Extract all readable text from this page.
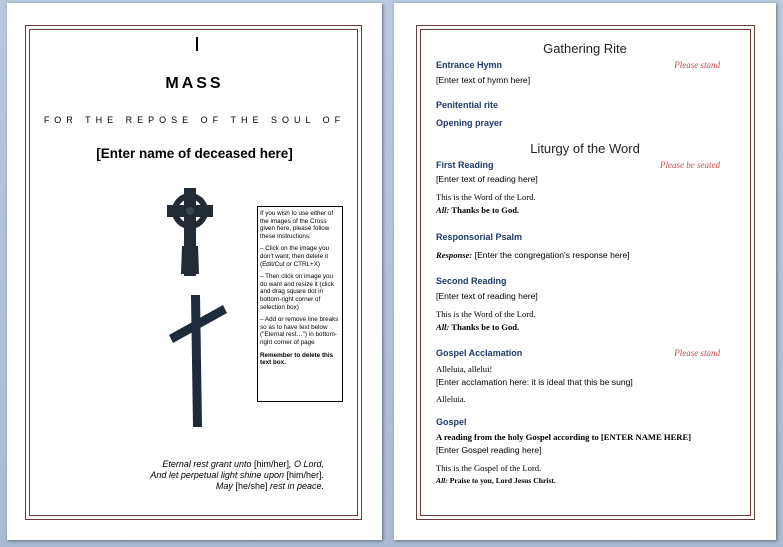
MASS
FOR THE REPOSE OF THE SOUL OF
[Enter name of deceased here]

If you wish to use either of the images of the Cross given here, please follow these instructions:

– Click on the image you don't want; then delete it (Edit/Cut or CTRL+X)

– Then click on image you do want and resize it (click and drag square dot in bottom-right corner of selection box)

– Add or remove line breaks so as to have text below ("Eternal rest…") in bottom-right corner of page

Remember to delete this text box.

Eternal rest grant unto [him/her], O Lord,
And let perpetual light shine upon [him/her].
May [he/she] rest in peace.
Gathering Rite
Entrance Hymn	Please stand
[Enter text of hymn here]
Penitential rite
Opening prayer
Liturgy of the Word
First Reading	Please be seated
[Enter text of reading here]
This is the Word of the Lord.
All: Thanks be to God.
Responsorial Psalm
Response: [Enter the congregation's response here]
Second Reading
[Enter text of reading here]
This is the Word of the Lord.
All: Thanks be to God.
Gospel Acclamation	Please stand
Alleluia, allelui!
[Enter acclamation here: it is ideal that this be sung]
Alleluia.
Gospel
A reading from the holy Gospel according to [ENTER NAME HERE]
[Enter Gospel reading here]
This is the Gospel of the Lord.
All: Praise to you, Lord Jesus Christ.
